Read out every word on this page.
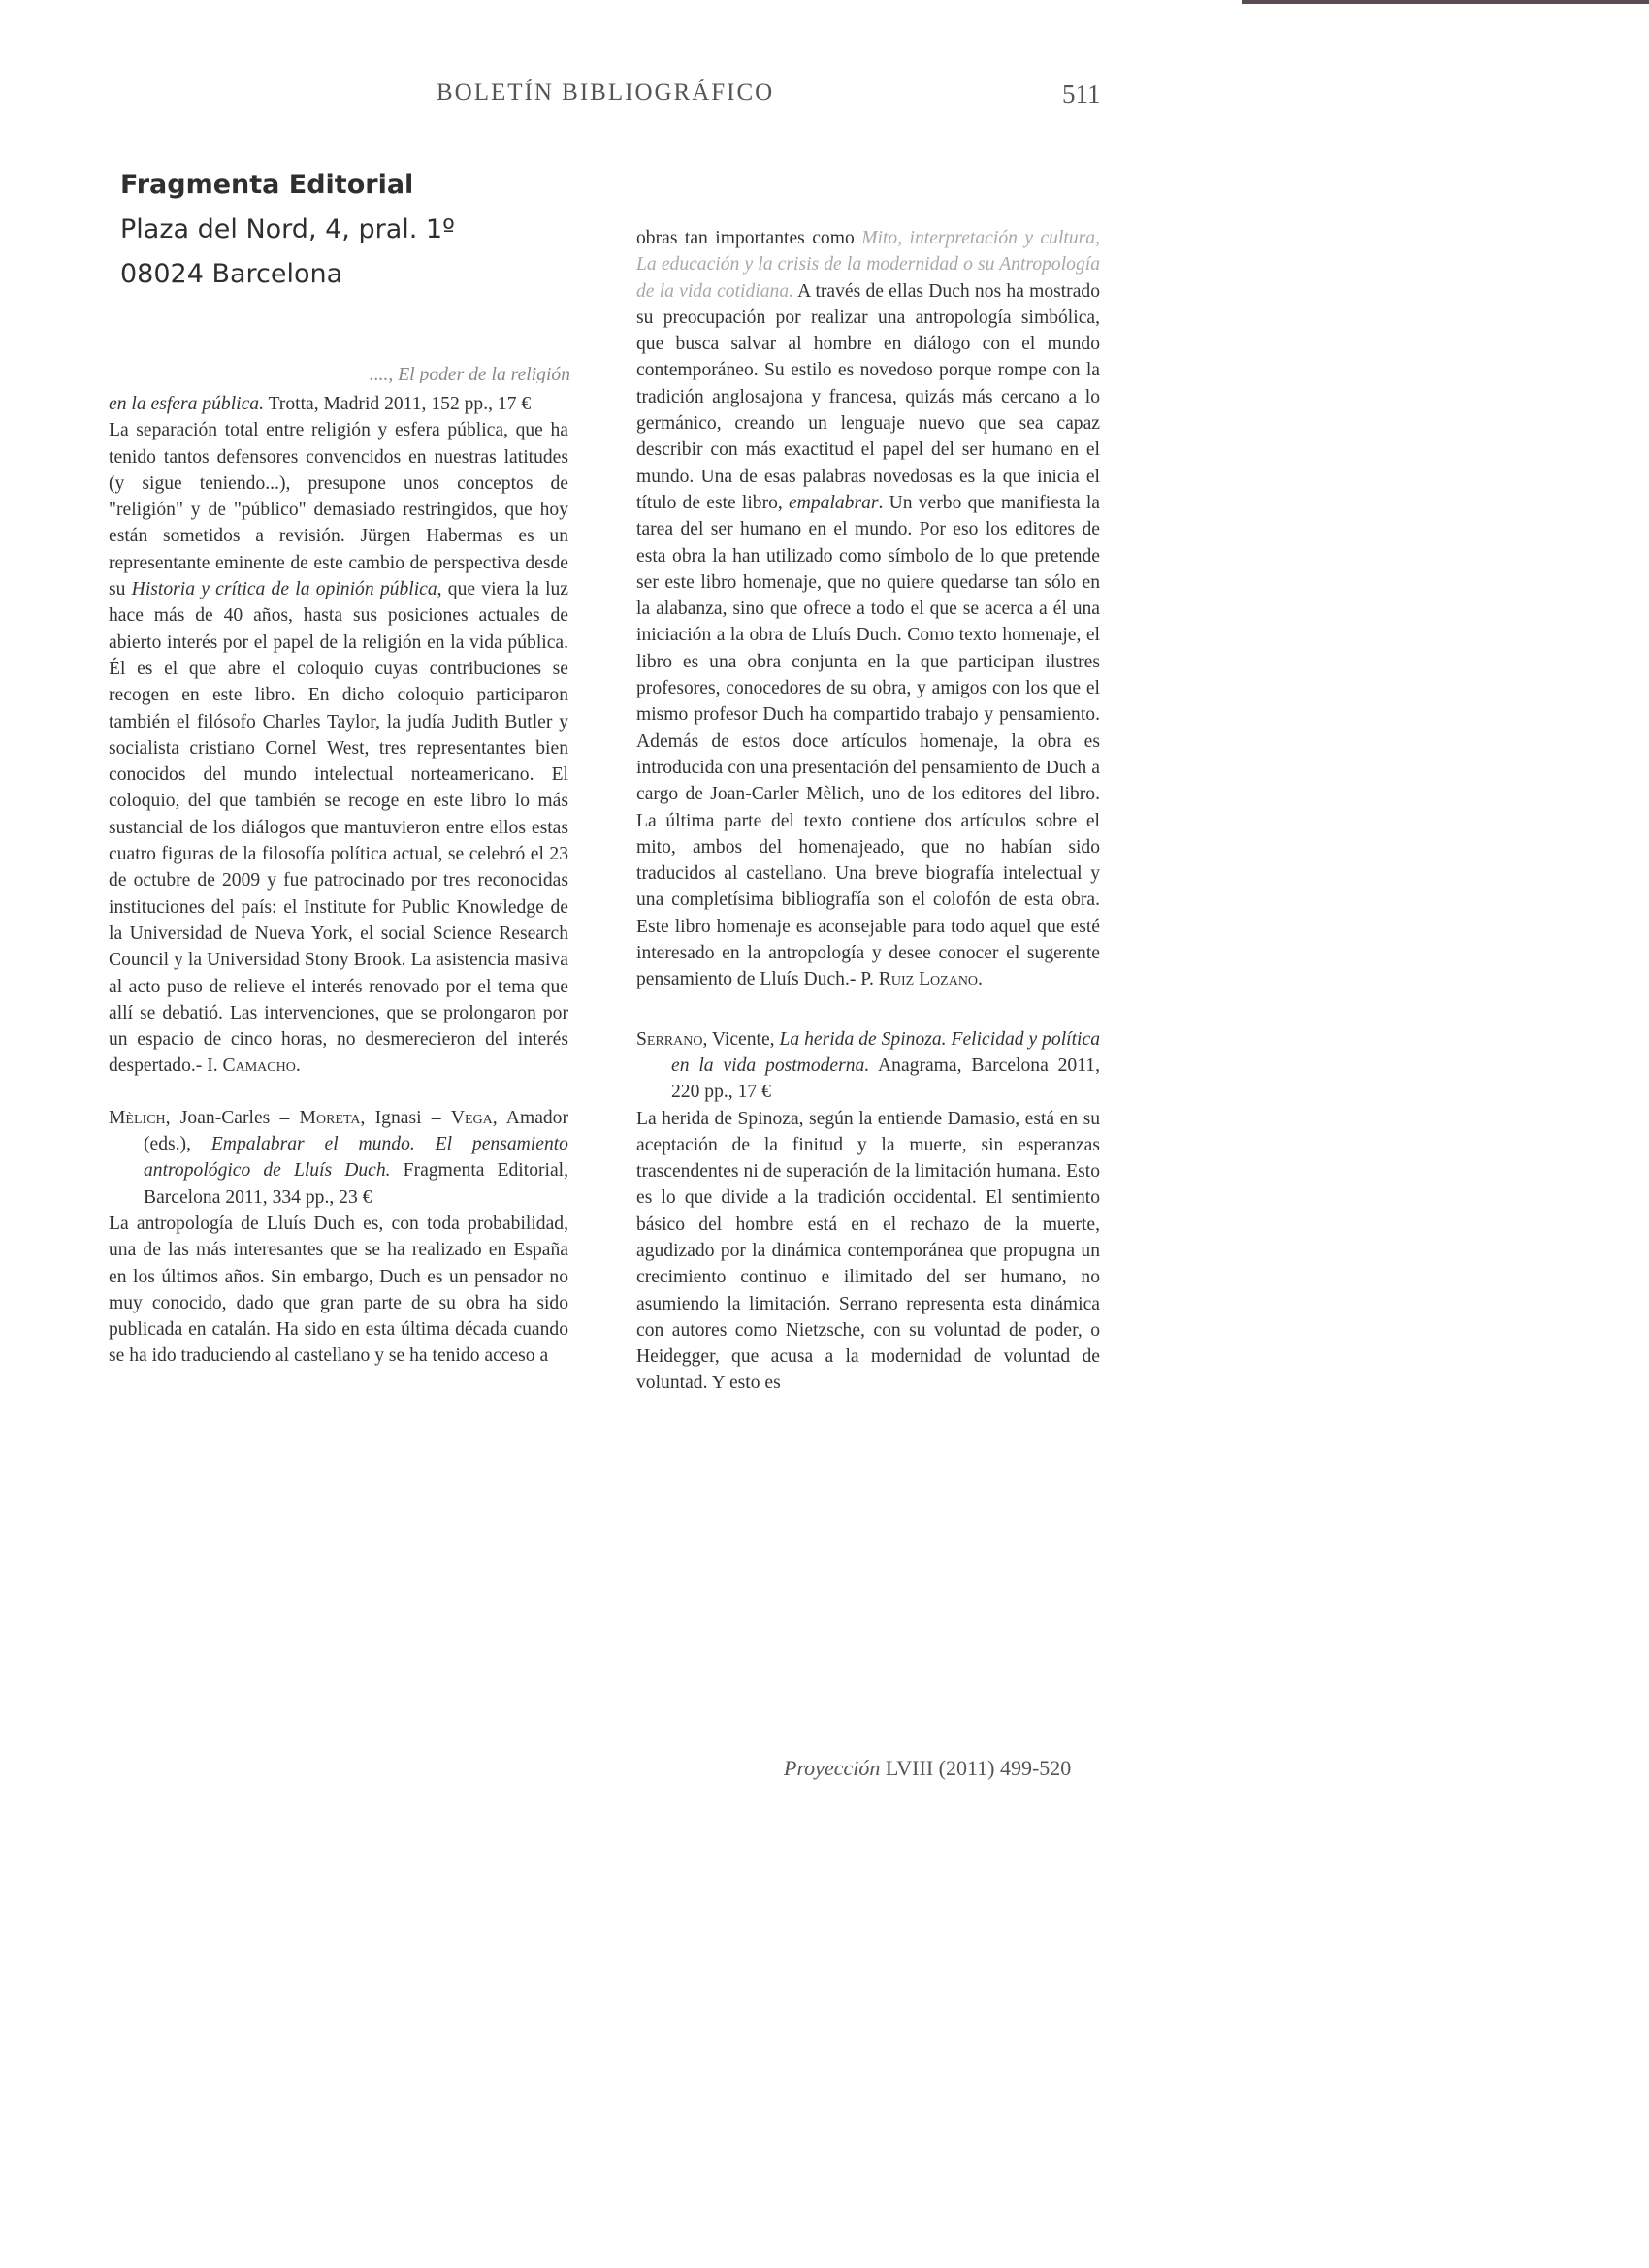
BOLETÍN BIBLIOGRÁFICO	511
Fragmenta Editorial
Plaza del Nord, 4, pral. 1º
08024 Barcelona
...., El poder de la religión

en la esfera pública. Trotta, Madrid 2011, 152 pp., 17 €

La separación total entre religión y esfera pública, que ha tenido tantos defensores convencidos en nuestras latitudes (y sigue teniendo...), presupone unos conceptos de "religión" y de "público" demasiado restringidos, que hoy están sometidos a revisión. Jürgen Habermas es un representante eminente de este cambio de perspectiva desde su Historia y crítica de la opinión pública, que viera la luz hace más de 40 años, hasta sus posiciones actuales de abierto interés por el papel de la religión en la vida pública. Él es el que abre el coloquio cuyas contribuciones se recogen en este libro. En dicho coloquio participaron también el filósofo Charles Taylor, la judía Judith Butler y socialista cristiano Cornel West, tres representantes bien conocidos del mundo intelectual norteamericano. El coloquio, del que también se recoge en este libro lo más sustancial de los diálogos que mantuvieron entre ellos estas cuatro figuras de la filosofía política actual, se celebró el 23 de octubre de 2009 y fue patrocinado por tres reconocidas instituciones del país: el Institute for Public Knowledge de la Universidad de Nueva York, el social Science Research Council y la Universidad Stony Brook. La asistencia masiva al acto puso de relieve el interés renovado por el tema que allí se debatió. Las intervenciones, que se prolongaron por un espacio de cinco horas, no desmerecieron del interés despertado.- I. Camacho.

Mèlich, Joan-Carles – Moreta, Ignasi – Vega, Amador (eds.), Empalabrar el mundo. El pensamiento antropológico de Lluís Duch. Fragmenta Editorial, Barcelona 2011, 334 pp., 23 €

La antropología de Lluís Duch es, con toda probabilidad, una de las más interesantes que se ha realizado en España en los últimos años. Sin embargo, Duch es un pensador no muy conocido, dado que gran parte de su obra ha sido publicada en catalán. Ha sido en esta última década cuando se ha ido traduciendo al castellano y se ha tenido acceso a

obras tan importantes como Mito, interpretación y cultura, La educación y la crisis de la modernidad o su Antropología de la vida cotidiana. A través de ellas Duch nos ha mostrado su preocupación por realizar una antropología simbólica, que busca salvar al hombre en diálogo con el mundo contemporáneo. Su estilo es novedoso porque rompe con la tradición anglosajona y francesa, quizás más cercano a lo germánico, creando un lenguaje nuevo que sea capaz describir con más exactitud el papel del ser humano en el mundo. Una de esas palabras novedosas es la que inicia el título de este libro, empalabrar. Un verbo que manifiesta la tarea del ser humano en el mundo. Por eso los editores de esta obra la han utilizado como símbolo de lo que pretende ser este libro homenaje, que no quiere quedarse tan sólo en la alabanza, sino que ofrece a todo el que se acerca a él una iniciación a la obra de Lluís Duch. Como texto homenaje, el libro es una obra conjunta en la que participan ilustres profesores, conocedores de su obra, y amigos con los que el mismo profesor Duch ha compartido trabajo y pensamiento. Además de estos doce artículos homenaje, la obra es introducida con una presentación del pensamiento de Duch a cargo de Joan-Carler Mèlich, uno de los editores del libro. La última parte del texto contiene dos artículos sobre el mito, ambos del homenajeado, que no habían sido traducidos al castellano. Una breve biografía intelectual y una completísima bibliografía son el colofón de esta obra. Este libro homenaje es aconsejable para todo aquel que esté interesado en la antropología y desee conocer el sugerente pensamiento de Lluís Duch.- P. Ruiz Lozano.

Serrano, Vicente, La herida de Spinoza. Felicidad y política en la vida postmoderna. Anagrama, Barcelona 2011, 220 pp., 17 €

La herida de Spinoza, según la entiende Damasio, está en su aceptación de la finitud y la muerte, sin esperanzas trascendentes ni de superación de la limitación humana. Esto es lo que divide a la tradición occidental. El sentimiento básico del hombre está en el rechazo de la muerte, agudizado por la dinámica contemporánea que propugna un crecimiento continuo e ilimitado del ser humano, no asumiendo la limitación. Serrano representa esta dinámica con autores como Nietzsche, con su voluntad de poder, o Heidegger, que acusa a la modernidad de voluntad de voluntad. Y esto es

Proyección LVIII (2011) 499-520
